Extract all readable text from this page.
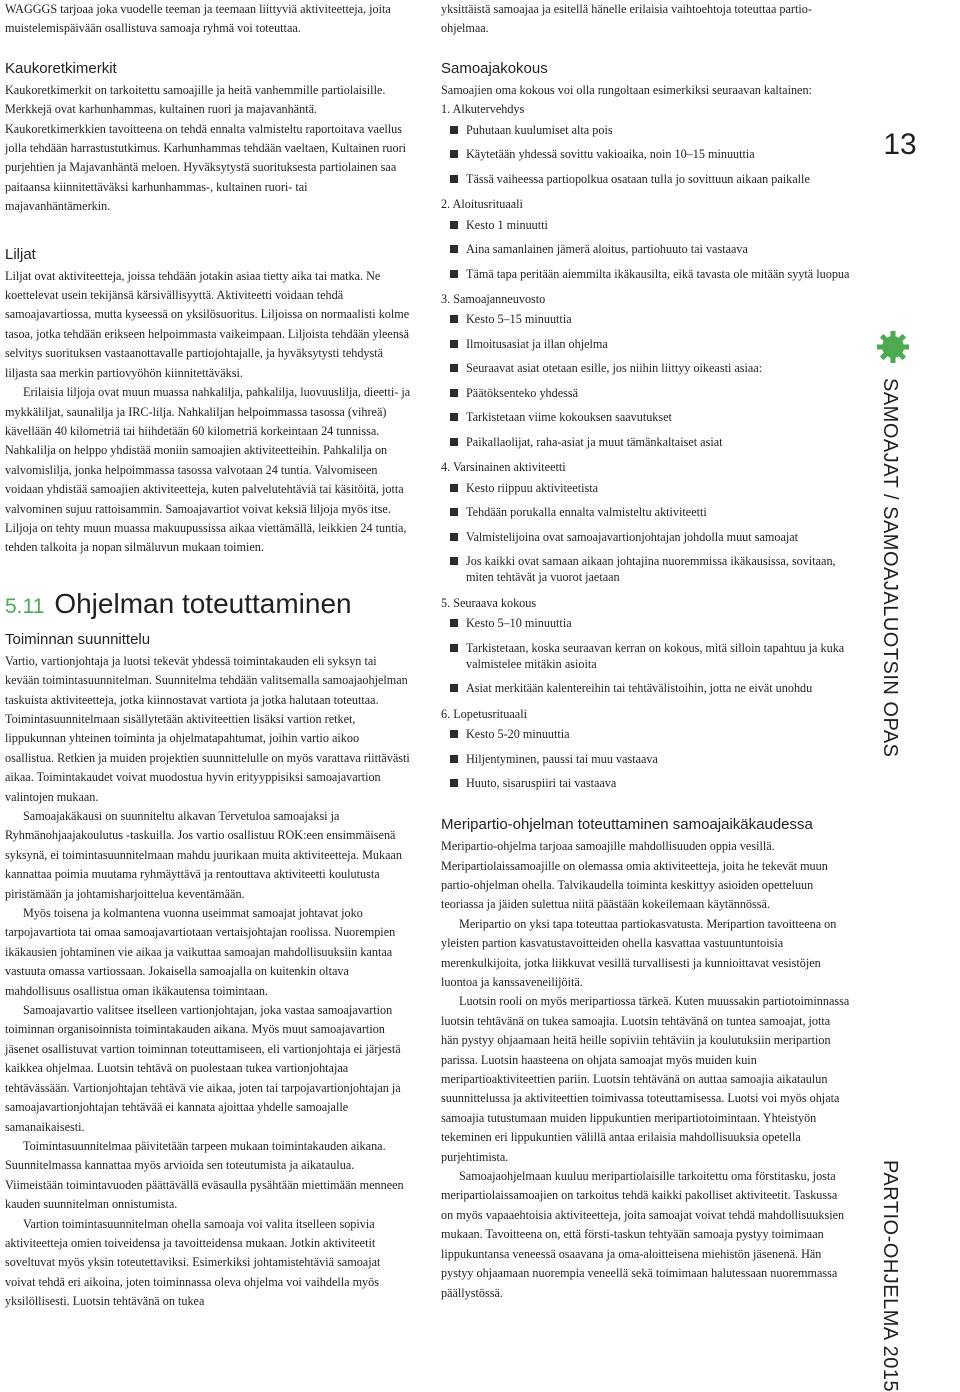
WAGGGS tarjoaa joka vuodelle teeman ja teemaan liittyviä aktiviteetteja, joita muistelemispäivään osallistuva samoaja ryhmä voi toteuttaa.

Kaukoretkimerkit

Kaukoretkimerkit on tarkoitettu samoajille ja heitä vanhemmille partiolaisille. Merkkejä ovat karhunhammas, kultainen ruori ja majavanhäntä. Kaukoretkimerkkien tavoitteena on tehdä ennalta valmisteltu raportoitava vaellus jolla tehdään harrastustutkimus. Karhunhammas tehdään vaeltaen, Kultainen ruori purjehtien ja Majavanhäntä meloen. Hyväksytystä suorituksesta partiolainen saa paitaansa kiinnitettäväksi karhunhammas-, kultainen ruori- tai majavanhäntämerkin.

Liljat

Liljat ovat aktiviteetteja, joissa tehdään jotakin asiaa tietty aika tai matka. Ne koettelevat usein tekijänsä kärsivällisyyttä. Aktiviteetti voidaan tehdä samoajavartiossa, mutta kyseessä on yksilösuoritus. Liljoissa on normaalisti kolme tasoa, jotka tehdään erikseen helpoimmasta vaikeimpaan. Liljoista tehdään yleensä selvitys suorituksen vastaanottavalle partiojohtajalle, ja hyväksytysti tehdystä liljasta saa merkin partiovyöhön kiinnitettäväksi.

Erilaisia liljoja ovat muun muassa nahkalilja, pahkalilja, luovuuslilja, dieetti- ja mykkäliljat, saunalilja ja IRC-lilja. Nahkaliljan helpoimmassa tasossa (vihreä) kävellään 40 kilometriä tai hiihdetään 60 kilometriä korkeintaan 24 tunnissa. Nahkalilja on helppo yhdistää moniin samoajien aktiviteetteihin. Pahkalilja on valvomislilja, jonka helpoimmassa tasossa valvotaan 24 tuntia. Valvomiseen voidaan yhdistää samoajien aktiviteetteja, kuten palvelutehtäviä tai käsitöitä, jotta valvominen sujuu rattoisammin. Samoajavartiot voivat keksiä liljoja myös itse. Liljoja on tehty muun muassa makuupussissa aikaa viettämällä, leikkien 24 tuntia, tehden talkoita ja nopan silmäluvun mukaan toimien.

5.11 Ohjelman toteuttaminen
Toiminnan suunnittelu

Vartio, vartionjohtaja ja luotsi tekevät yhdessä toimintakauden eli syksyn tai kevään toimintasuunnitelman. Suunnitelma tehdään valitsemalla samoajaohjelman taskuista aktiviteetteja, jotka kiinnostavat vartiota ja jotka halutaan toteuttaa. Toimintasuunnitelmaan sisällytetään aktiviteettien lisäksi vartion retket, lippukunnan yhteinen toiminta ja ohjelmatapahtumat, joihin vartio aikoo osallistua. Retkien ja muiden projektien suunnittelulle on myös varattava riittävästi aikaa. Toimintakaudet voivat muodostua hyvin erityyppisiksi samoajavartion valintojen mukaan.

Samoajakäkausi on suunniteltu alkavan Tervetuloa samoajaksi ja Ryhmänohjaajakoulutus -taskuilla. Jos vartio osallistuu ROK:een ensimmäisenä syksynä, ei toimintasuunnitelmaan mahdu juurikaan muita aktiviteetteja. Mukaan kannattaa poimia muutama ryhmäyttävä ja rentouttava aktiviteetti koulutusta piristämään ja johtamisharjoittelua keventämään.

Myös toisena ja kolmantena vuonna useimmat samoajat johtavat joko tarpojavartiota tai omaa samoajavartiotaan vertaisjohtajan roolissa. Nuorempien ikäkausien johtaminen vie aikaa ja vaikuttaa samoajan mahdollisuuksiin kantaa vastuuta omassa vartiossaan. Jokaisella samoajalla on kuitenkin oltava mahdollisuus osallistua oman ikäkautensa toimintaan.

Samoajavartio valitsee itselleen vartionjohtajan, joka vastaa samoajavartion toiminnan organisoinnista toimintakauden aikana. Myös muut samoajavartion jäsenet osallistuvat vartion toiminnan toteuttamiseen, eli vartionjohtaja ei järjestä kaikkea ohjelmaa. Luotsin tehtävä on puolestaan tukea vartionjohtajaa tehtävässään. Vartionjohtajan tehtävä vie aikaa, joten tai tarpojavartionjohtajan ja samoajavartionjohtajan tehtävää ei kannata ajoittaa yhdelle samoajalle samanaikaisesti.

Toimintasuunnitelmaa päivitetään tarpeen mukaan toimintakauden aikana. Suunnitelmassa kannattaa myös arvioida sen toteutumista ja aikataulua. Viimeistään toimintavuoden päättävällä eväsaulla pysähtään miettimään menneen kauden suunnitelman onnistumista.

Vartion toimintasuunnitelman ohella samoaja voi valita itselleen sopivia aktiviteetteja omien toiveidensa ja tavoitteidensa mukaan. Jotkin aktiviteetit soveltuvat myös yksin toteutettaviksi. Esimerkiksi johtamistehtäviä samoajat voivat tehdä eri aikoina, joten toiminnassa oleva ohjelma voi vaihdella myös yksilöllisesti. Luotsin tehtävänä on tukea

yksittäistä samoajaa ja esitellä hänelle erilaisia vaihtoehtoja toteuttaa partio-ohjelmaa.

Samoajakokous

Samoajien oma kokous voi olla rungoltaan esimerkiksi seuraavan kaltainen:

1. Alkutervehdys
Puhutaan kuulumiset alta pois
Käytetään yhdessä sovittu vakioaika, noin 10–15 minuuttia
Tässä vaiheessa partiopolkua osataan tulla jo sovittuun aikaan paikalle
2. Aloitusrituaali
Kesto 1 minuutti
Aina samanlainen jämerä aloitus, partiohuuto tai vastaava
Tämä tapa peritään aiemmilta ikäkausilta, eikä tavasta ole mitään syytä luopua
3. Samoajanneuvosto
Kesto 5–15 minuuttia
Ilmoitusasiat ja illan ohjelma
Seuraavat asiat otetaan esille, jos niihin liittyy oikeasti asiaa:
Päätöksenteko yhdessä
Tarkistetaan viime kokouksen saavutukset
Paikallaolijat, raha-asiat ja muut tämänkaltaiset asiat
4. Varsinainen aktiviteetti
Kesto riippuu aktiviteetista
Tehdään porukalla ennalta valmisteltu aktiviteetti
Valmistelijoina ovat samoajavartionjohtajan johdolla muut samoajat
Jos kaikki ovat samaan aikaan johtajina nuoremmissa ikäkausissa, sovitaan, miten tehtävät ja vuorot jaetaan
5. Seuraava kokous
Kesto 5–10 minuuttia
Tarkistetaan, koska seuraavan kerran on kokous, mitä silloin tapahtuu ja kuka valmistelee mitäkin asioita
Asiat merkitään kalentereihin tai tehtävälistoihin, jotta ne eivät unohdu
6. Lopetusrituaali
Kesto 5-20 minuuttia
Hiljentyminen, paussi tai muu vastaava
Huuto, sisaruspiiri tai vastaava
Meripartio-ohjelman toteuttaminen samoajaikäkaudessa

Meripartio-ohjelma tarjoaa samoajille mahdollisuuden oppia vesillä. Meripartiolaissamoajille on olemassa omia aktiviteetteja, joita he tekevät muun partio-ohjelman ohella. Talvikaudella toiminta keskittyy asioiden opetteluun teoriassa ja jäiden sulettua niitä päästään kokeilemaan käytännössä.

Meripartio on yksi tapa toteuttaa partiokasvatusta. Meripartion tavoitteena on yleisten partion kasvatustavoitteiden ohella kasvattaa vastuuntuntoisia merenkulkijoita, jotka liikkuvat vesillä turvallisesti ja kunnioittavat vesistöjen luontoa ja kanssaveneilijöitä.

Luotsin rooli on myös meripartiossa tärkeä. Kuten muussakin partiotoiminnassa luotsin tehtävänä on tukea samoajia. Luotsin tehtävänä on tuntea samoajat, jotta hän pystyy ohjaamaan heitä heille sopiviin tehtäviin ja koulutuksiin meripartion parissa. Luotsin haasteena on ohjata samoajat myös muiden kuin meripartioaktiviteettien pariin. Luotsin tehtävänä on auttaa samoajia aikataulun suunnittelussa ja aktiviteettien toimivassa toteuttamisessa. Luotsi voi myös ohjata samoajia tutustumaan muiden lippukuntien meripartiotoimintaan. Yhteistyön tekeminen eri lippukuntien välillä antaa erilaisia mahdollisuuksia opetella purjehtimista.

Samoajaohjelmaan kuuluu meripartiolaisille tarkoitettu oma förstitasku, josta meripartiolaissamoajien on tarkoitus tehdä kaikki pakolliset aktiviteetit. Taskussa on myös vapaaehtoisia aktiviteetteja, joita samoajat voivat tehdä mahdollisuuksien mukaan. Tavoitteena on, että försti-taskun tehtyään samoaja pystyy toimimaan lippukuntansa veneessä osaavana ja oma-aloitteisena miehistön jäsenenä. Hän pystyy ohjaamaan nuorempia veneellä sekä toimimaan halutessaan nuoremmassa päällystössä.

13
SAMOAJAT / SAMOAJALUOTSIN OPAS
PARTIO-OHJELMA 2015
